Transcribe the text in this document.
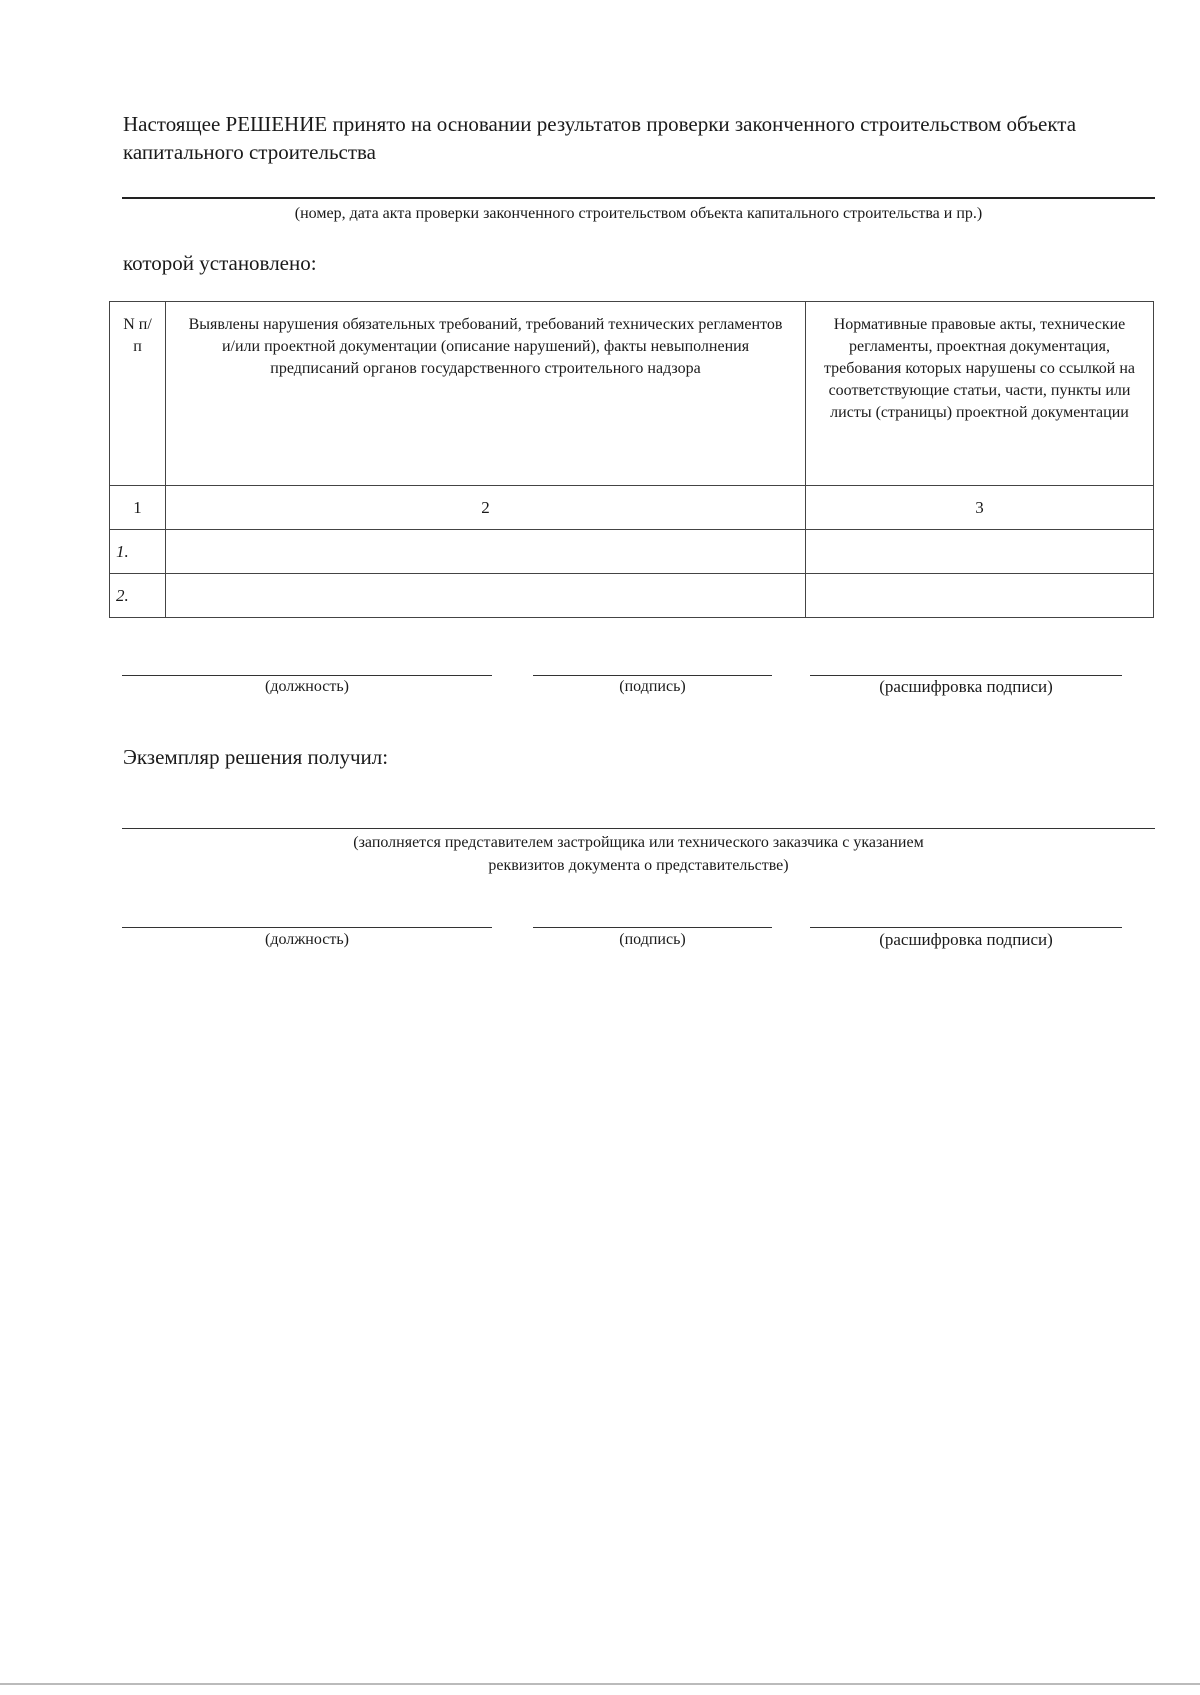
Настоящее РЕШЕНИЕ принято на основании результатов проверки законченного строительством объекта капитального строительства
(номер, дата акта проверки законченного строительством объекта капитального строительства и пр.)
которой установлено:
N п/п	Выявлены нарушения обязательных требований, требований технических регламентов и/или проектной документации (описание нарушений), факты невыполнения предписаний органов государственного строительного надзора	Нормативные правовые акты, технические регламенты, проектная документация, требования которых нарушены со ссылкой на соответствующие статьи, части, пункты или листы (страницы) проектной документации
1	2	3
1.		
2.		
(должность)	(подпись)	(расшифровка подписи)
Экземпляр решения получил:
(заполняется представителем застройщика или технического заказчика с указанием
реквизитов документа о представительстве)
(должность)	(подпись)	(расшифровка подписи)
